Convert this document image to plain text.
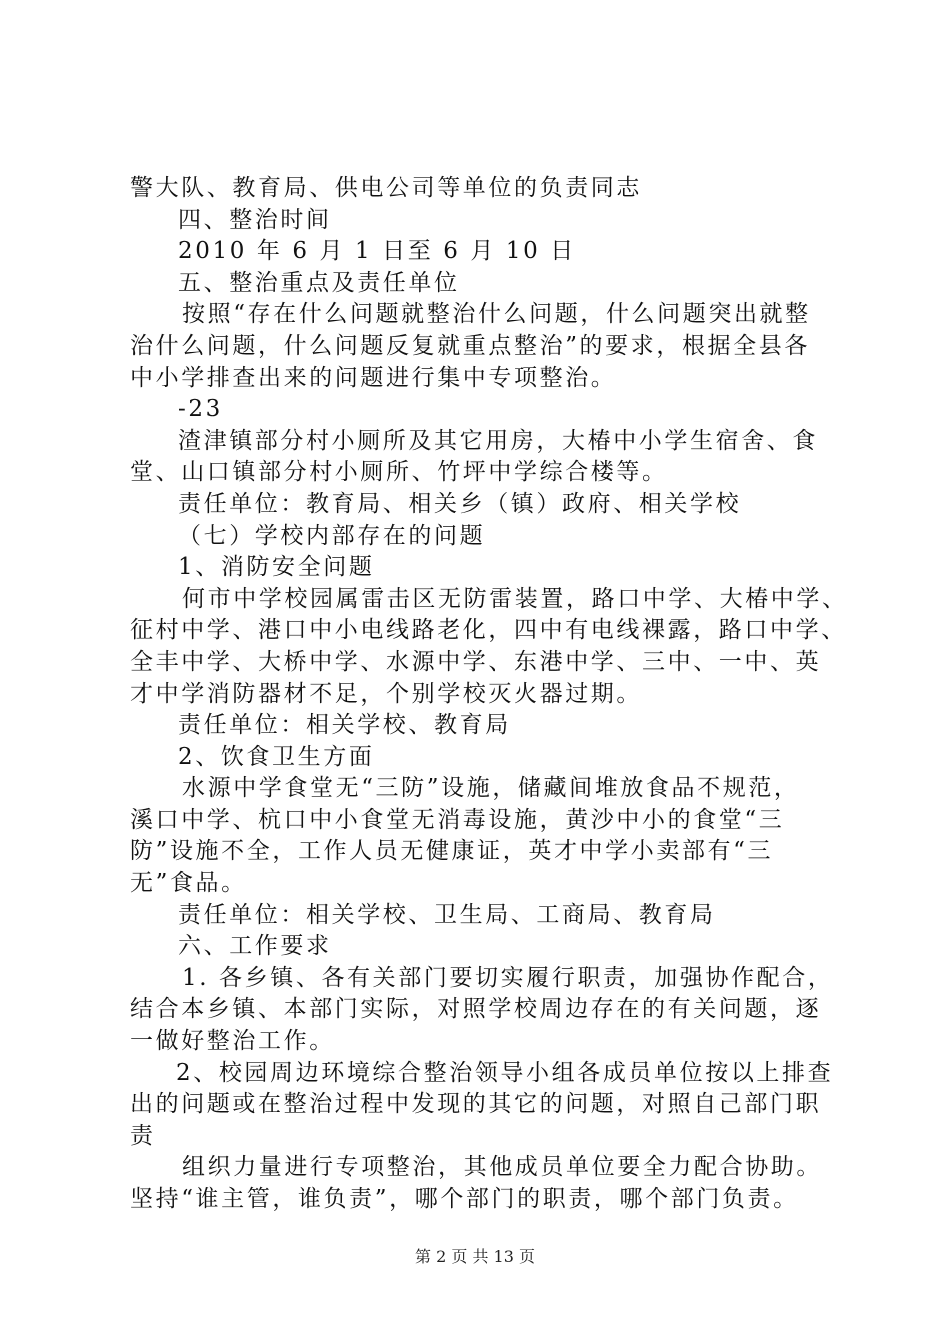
警大队、教育局、供电公司等单位的负责同志
四、整治时间
2010 年 6 月 1 日至 6 月 10 日
五、整治重点及责任单位
按照“存在什么问题就整治什么问题，什么问题突出就整
治什么问题，什么问题反复就重点整治”的要求，根据全县各
中小学排查出来的问题进行集中专项整治。
-23
渣津镇部分村小厕所及其它用房，大椿中小学生宿舍、食
堂、山口镇部分村小厕所、竹坪中学综合楼等。
责任单位：教育局、相关乡（镇）政府、相关学校
（七）学校内部存在的问题
1、消防安全问题
何市中学校园属雷击区无防雷装置，路口中学、大椿中学、
征村中学、港口中小电线路老化，四中有电线裸露，路口中学、
全丰中学、大桥中学、水源中学、东港中学、三中、一中、英
才中学消防器材不足，个别学校灭火器过期。
责任单位：相关学校、教育局
2、饮食卫生方面
水源中学食堂无“三防”设施，储藏间堆放食品不规范，
溪口中学、杭口中小食堂无消毒设施，黄沙中小的食堂“三
防”设施不全，工作人员无健康证，英才中学小卖部有“三
无”食品。
责任单位：相关学校、卫生局、工商局、教育局
六、工作要求
1. 各乡镇、各有关部门要切实履行职责，加强协作配合，
结合本乡镇、本部门实际，对照学校周边存在的有关问题，逐
一做好整治工作。
2、校园周边环境综合整治领导小组各成员单位按以上排查
出的问题或在整治过程中发现的其它的问题，对照自己部门职
责
组织力量进行专项整治，其他成员单位要全力配合协助。
坚持“谁主管，谁负责”，哪个部门的职责，哪个部门负责。
第 2 页 共 13 页
